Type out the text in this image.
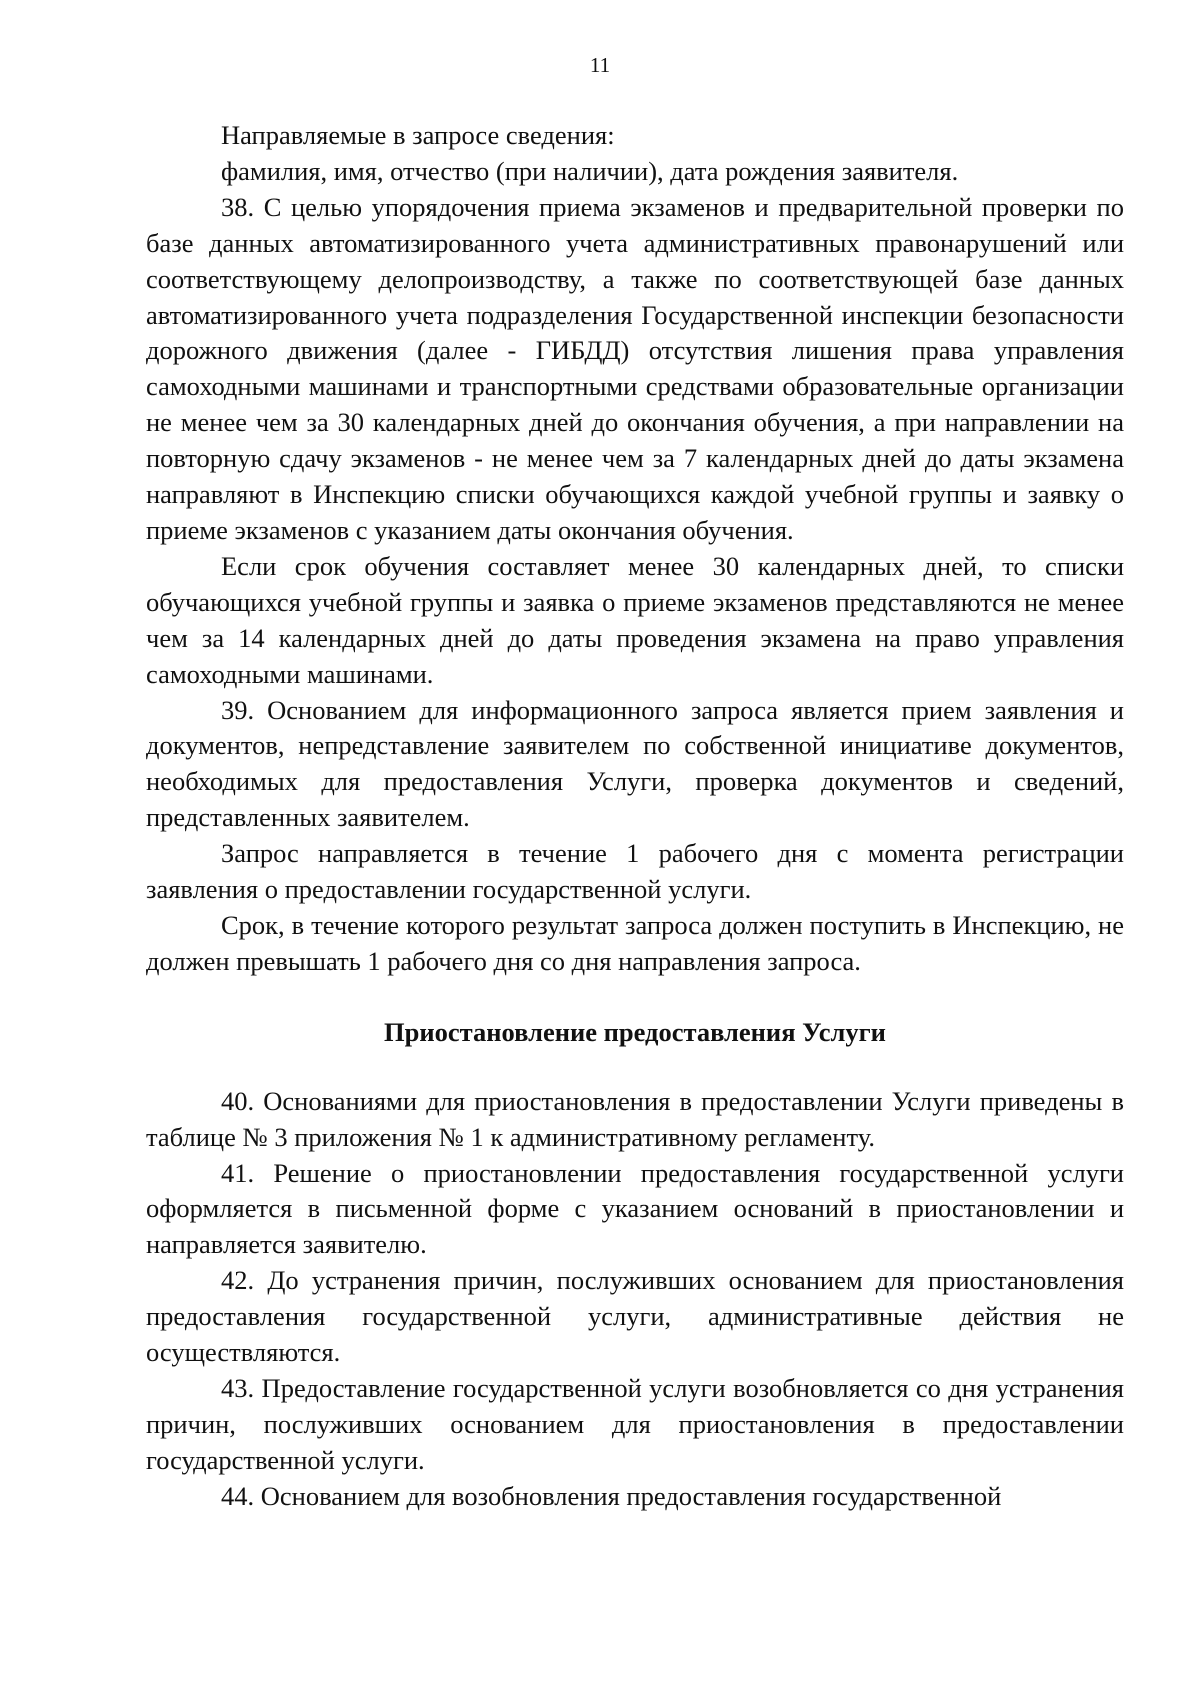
11

Направляемые в запросе сведения:

фамилия, имя, отчество (при наличии), дата рождения заявителя.

38. С целью упорядочения приема экзаменов и предварительной проверки по базе данных автоматизированного учета административных правонарушений или соответствующему делопроизводству, а также по соответствующей базе данных автоматизированного учета подразделения Государственной инспекции безопасности дорожного движения (далее - ГИБДД) отсутствия лишения права управления самоходными машинами и транспортными средствами образовательные организации не менее чем за 30 календарных дней до окончания обучения, а при направлении на повторную сдачу экзаменов - не менее чем за 7 календарных дней до даты экзамена направляют в Инспекцию списки обучающихся каждой учебной группы и заявку о приеме экзаменов с указанием даты окончания обучения.

Если срок обучения составляет менее 30 календарных дней, то списки обучающихся учебной группы и заявка о приеме экзаменов представляются не менее чем за 14 календарных дней до даты проведения экзамена на право управления самоходными машинами.

39. Основанием для информационного запроса является прием заявления и документов, непредставление заявителем по собственной инициативе документов, необходимых для предоставления Услуги, проверка документов и сведений, представленных заявителем.

Запрос направляется в течение 1 рабочего дня с момента регистрации заявления о предоставлении государственной услуги.

Срок, в течение которого результат запроса должен поступить в Инспекцию, не должен превышать 1 рабочего дня со дня направления запроса.

Приостановление предоставления Услуги

40. Основаниями для приостановления в предоставлении Услуги приведены в таблице № 3 приложения № 1 к административному регламенту.

41. Решение о приостановлении предоставления государственной услуги оформляется в письменной форме с указанием оснований в приостановлении и направляется заявителю.

42. До устранения причин, послуживших основанием для приостановления предоставления государственной услуги, административные действия не осуществляются.

43. Предоставление государственной услуги возобновляется со дня устранения причин, послуживших основанием для приостановления в предоставлении государственной услуги.

44. Основанием для возобновления предоставления государственной
